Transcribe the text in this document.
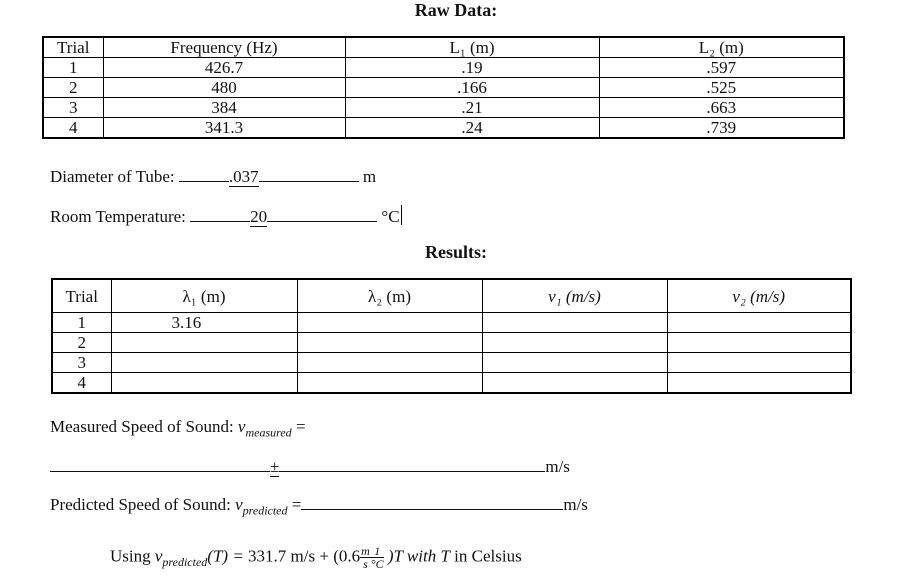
Raw Data:
Trial	Frequency (Hz)	L₁ (m)	L₂ (m)
1	426.7	.19	.597
2	480	.166	.525
3	384	.21	.663
4	341.3	.24	.739
Diameter of Tube:	.037	m
Room Temperature:	20	°C
Results:
Trial	λ₁ (m)	λ₂ (m)	v₁ (m/s)	v₂ (m/s)
1	3.16			
2				
3				
4				
Measured Speed of Sound: $v_{measured}$ =
±	m/s
Predicted Speed of Sound: $v_{predicted}$ =	m/s
Using $v_{predicted}(T) = 331.7$ $m/s + (0.6 \frac{m}{s} \frac{1}{^\circ C} )T$ with T in Celsius
